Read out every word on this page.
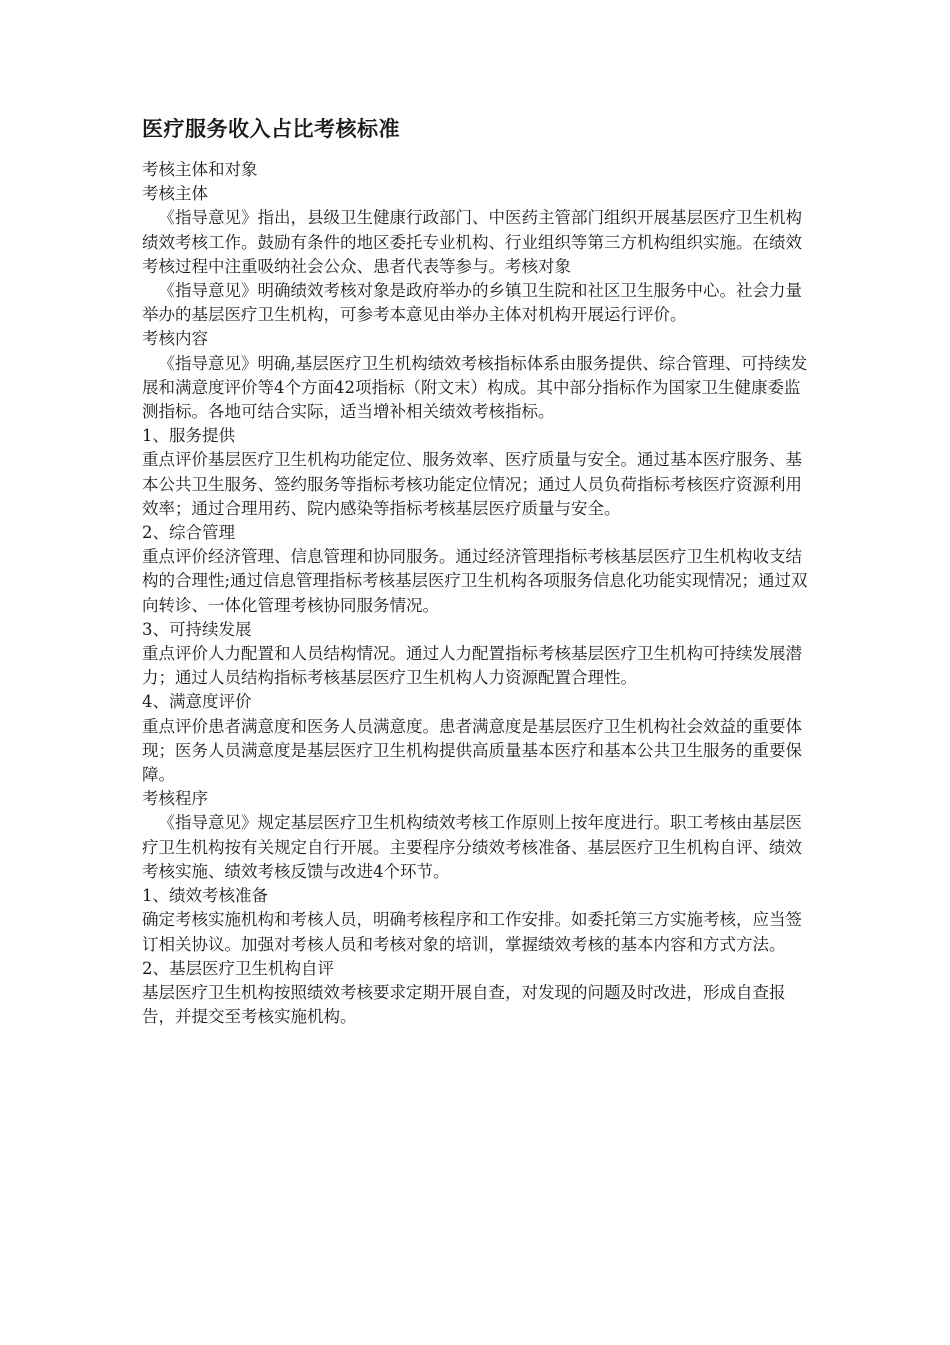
医疗服务收入占比考核标准

考核主体和对象

考核主体

《指导意见》指出，县级卫生健康行政部门、中医药主管部门组织开展基层医疗卫生机构绩效考核工作。鼓励有条件的地区委托专业机构、行业组织等第三方机构组织实施。在绩效考核过程中注重吸纳社会公众、患者代表等参与。考核对象

《指导意见》明确绩效考核对象是政府举办的乡镇卫生院和社区卫生服务中心。社会力量举办的基层医疗卫生机构，可参考本意见由举办主体对机构开展运行评价。

考核内容

《指导意见》明确,基层医疗卫生机构绩效考核指标体系由服务提供、综合管理、可持续发展和满意度评价等4个方面42项指标（附文末）构成。其中部分指标作为国家卫生健康委监测指标。各地可结合实际，适当增补相关绩效考核指标。

1、服务提供

重点评价基层医疗卫生机构功能定位、服务效率、医疗质量与安全。通过基本医疗服务、基本公共卫生服务、签约服务等指标考核功能定位情况；通过人员负荷指标考核医疗资源利用效率；通过合理用药、院内感染等指标考核基层医疗质量与安全。

2、综合管理

重点评价经济管理、信息管理和协同服务。通过经济管理指标考核基层医疗卫生机构收支结构的合理性;通过信息管理指标考核基层医疗卫生机构各项服务信息化功能实现情况；通过双向转诊、一体化管理考核协同服务情况。

3、可持续发展

重点评价人力配置和人员结构情况。通过人力配置指标考核基层医疗卫生机构可持续发展潜力；通过人员结构指标考核基层医疗卫生机构人力资源配置合理性。

4、满意度评价

重点评价患者满意度和医务人员满意度。患者满意度是基层医疗卫生机构社会效益的重要体现；医务人员满意度是基层医疗卫生机构提供高质量基本医疗和基本公共卫生服务的重要保障。

考核程序

《指导意见》规定基层医疗卫生机构绩效考核工作原则上按年度进行。职工考核由基层医疗卫生机构按有关规定自行开展。主要程序分绩效考核准备、基层医疗卫生机构自评、绩效考核实施、绩效考核反馈与改进4个环节。

1、绩效考核准备

确定考核实施机构和考核人员，明确考核程序和工作安排。如委托第三方实施考核，应当签订相关协议。加强对考核人员和考核对象的培训，掌握绩效考核的基本内容和方式方法。

2、基层医疗卫生机构自评

基层医疗卫生机构按照绩效考核要求定期开展自查，对发现的问题及时改进，形成自查报告，并提交至考核实施机构。
